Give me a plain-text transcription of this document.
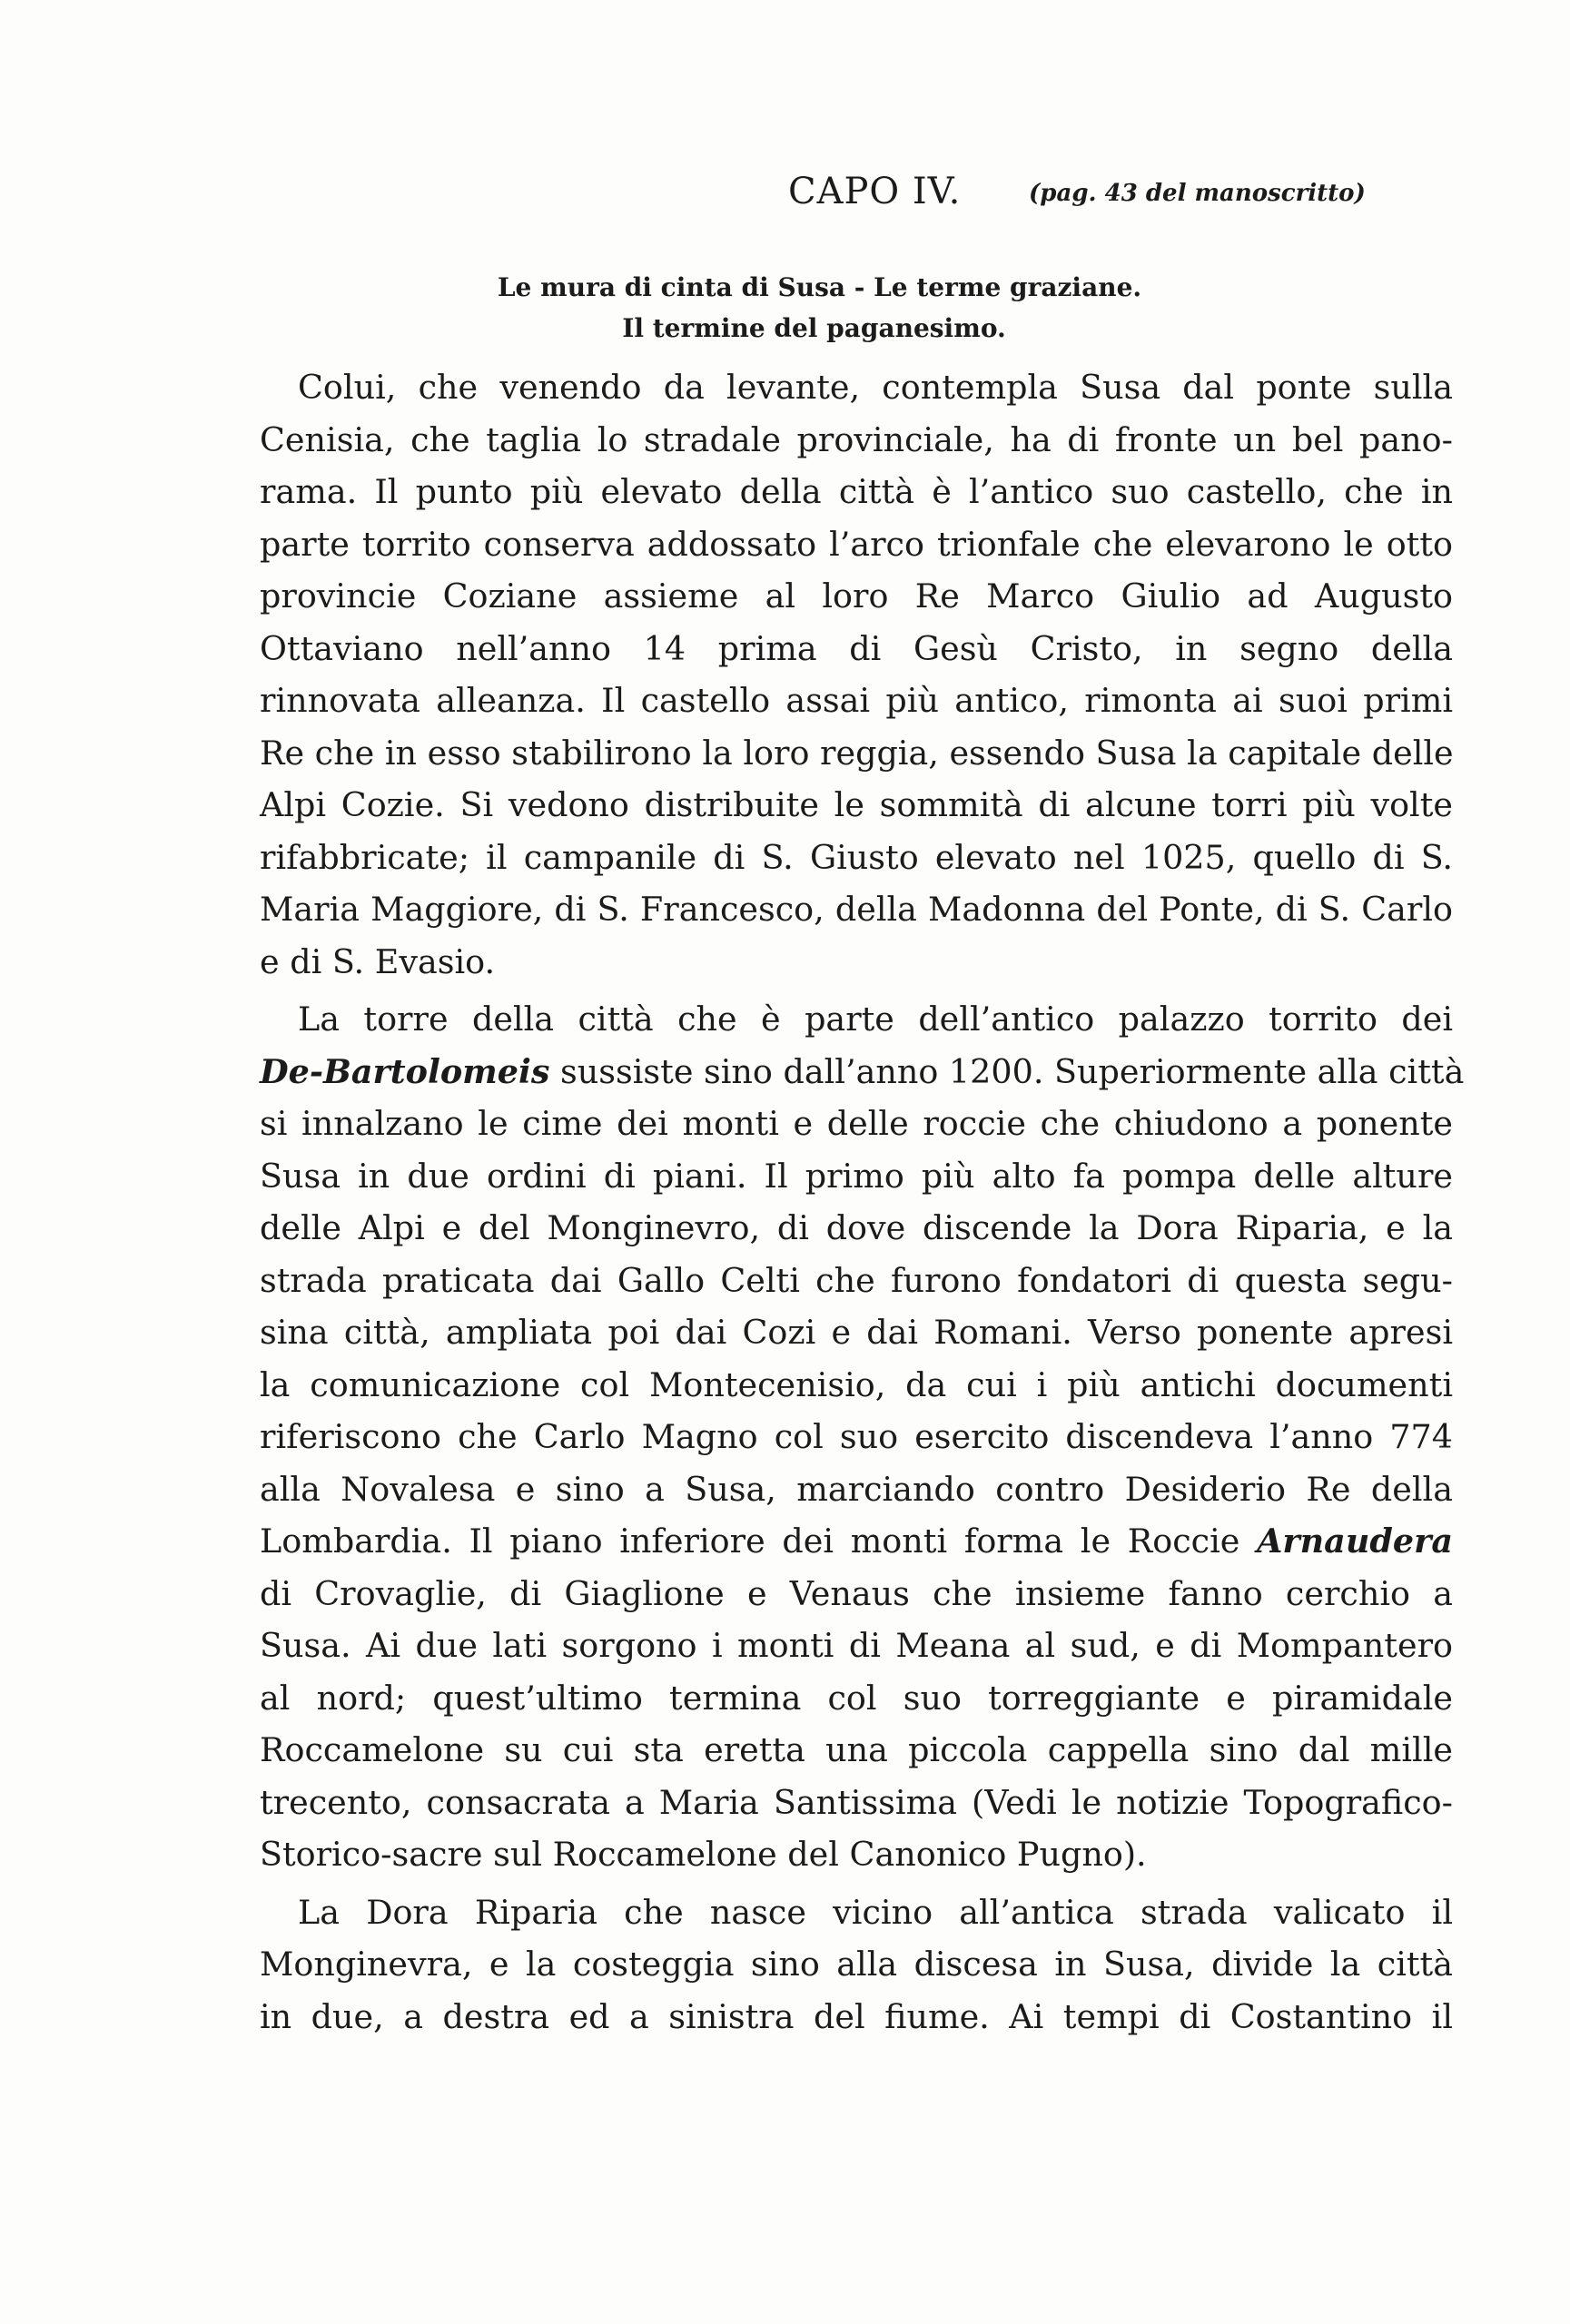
CAPO IV.	(pag. 43 del manoscritto)
Le mura di cinta di Susa - Le terme graziane.
Il termine del paganesimo.
Colui, che venendo da levante, contempla Susa dal ponte sulla
Cenisia, che taglia lo stradale provinciale, ha di fronte un bel pano-
rama. Il punto più elevato della città è l’antico suo castello, che in
parte torrito conserva addossato l’arco trionfale che elevarono le otto
provincie Coziane assieme al loro Re Marco Giulio ad Augusto
Ottaviano nell’anno 14 prima di Gesù Cristo, in segno della
rinnovata alleanza. Il castello assai più antico, rimonta ai suoi primi
Re che in esso stabilirono la loro reggia, essendo Susa la capitale delle
Alpi Cozie. Si vedono distribuite le sommità di alcune torri più volte
rifabbricate; il campanile di S. Giusto elevato nel 1025, quello di S.
Maria Maggiore, di S. Francesco, della Madonna del Ponte, di S. Carlo
e di S. Evasio.
La torre della città che è parte dell’antico palazzo torrito dei
De-Bartolomeis sussiste sino dall’anno 1200. Superiormente alla città
si innalzano le cime dei monti e delle roccie che chiudono a ponente
Susa in due ordini di piani. Il primo più alto fa pompa delle alture
delle Alpi e del Monginevro, di dove discende la Dora Riparia, e la
strada praticata dai Gallo Celti che furono fondatori di questa segu-
sina città, ampliata poi dai Cozi e dai Romani. Verso ponente apresi
la comunicazione col Montecenisio, da cui i più antichi documenti
riferiscono che Carlo Magno col suo esercito discendeva l’anno 774
alla Novalesa e sino a Susa, marciando contro Desiderio Re della
Lombardia. Il piano inferiore dei monti forma le Roccie Arnaudera
di Crovaglie, di Giaglione e Venaus che insieme fanno cerchio a
Susa. Ai due lati sorgono i monti di Meana al sud, e di Mompantero
al nord; quest’ultimo termina col suo torreggiante e piramidale
Roccamelone su cui sta eretta una piccola cappella sino dal mille
trecento, consacrata a Maria Santissima (Vedi le notizie Topografico-
Storico-sacre sul Roccamelone del Canonico Pugno).
La Dora Riparia che nasce vicino all’antica strada valicato il
Monginevra, e la costeggia sino alla discesa in Susa, divide la città
in due, a destra ed a sinistra del fiume. Ai tempi di Costantino il
